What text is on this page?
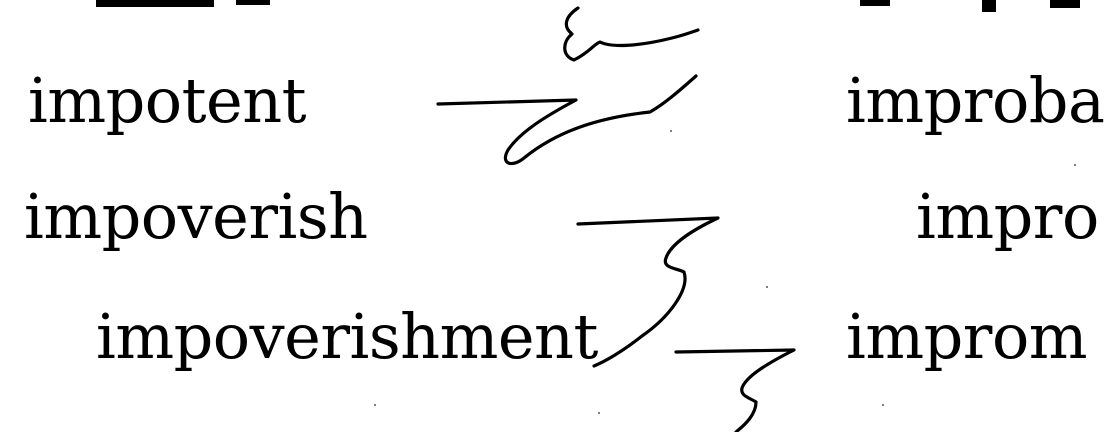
impotent
impoverish
impoverishment
improba
impro
improm
